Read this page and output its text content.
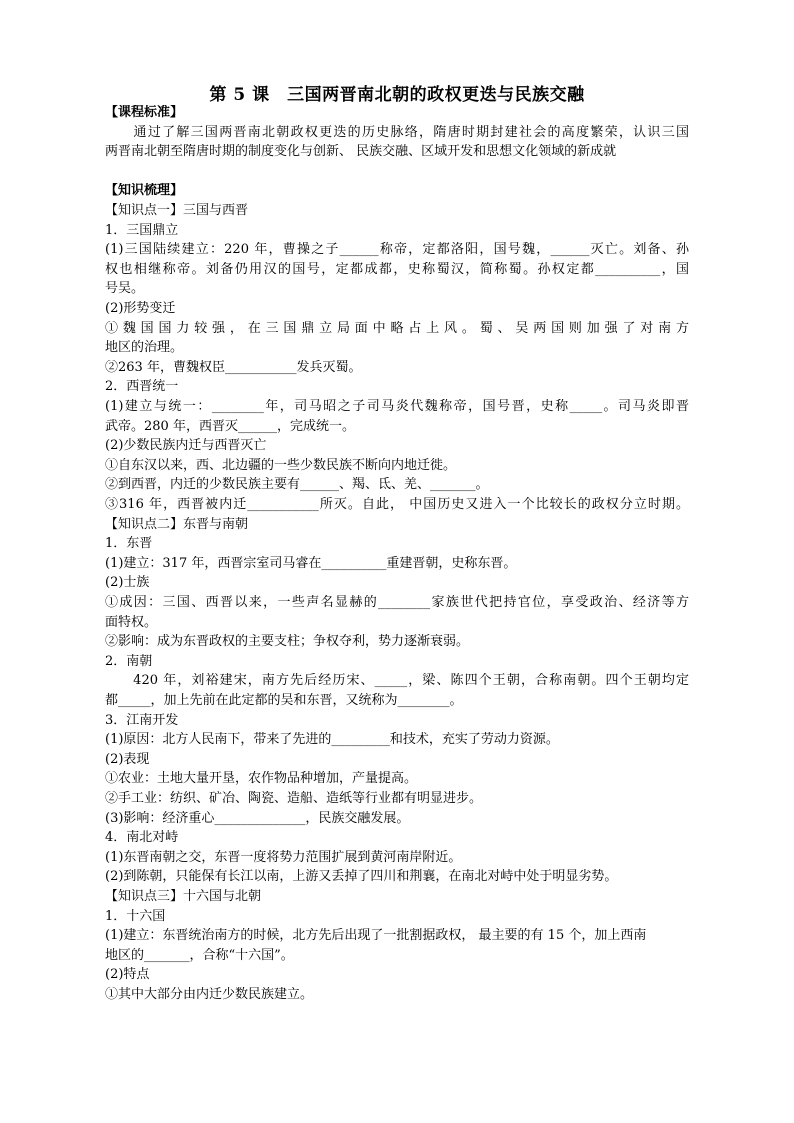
第 5 课　三国两晋南北朝的政权更迭与民族交融
【课程标准】
　　通过了解三国两晋南北朝政权更迭的历史脉络，隋唐时期封建社会的高度繁荣，认识三国
两晋南北朝至隋唐时期的制度变化与创新、 民族交融、区域开发和思想文化领域的新成就
【知识梳理】
【知识点一】三国与西晋
1．三国鼎立
(1)三国陆续建立：220 年，曹操之子______称帝，定都洛阳，国号魏，______灭亡。刘备、孙
权也相继称帝。刘备仍用汉的国号，定都成都，史称蜀汉，简称蜀。孙权定都__________，国
号吴。
(2)形势变迁
①魏国国力较强，在三国鼎立局面中略占上风。蜀、吴两国则加强了对南方
地区的治理。
②263 年，曹魏权臣___________发兵灭蜀。
2．西晋统一
(1)建立与统一：________年，司马昭之子司马炎代魏称帝，国号晋，史称_____。司马炎即晋
武帝。280 年，西晋灭______，完成统一。
(2)少数民族内迁与西晋灭亡
①自东汉以来，西、北边疆的一些少数民族不断向内地迁徙。
②到西晋，内迁的少数民族主要有______、羯、氐、羌、_______。
③316 年，西晋被内迁___________所灭。自此， 中国历史又进入一个比较长的政权分立时期。
【知识点二】东晋与南朝
1．东晋
(1)建立：317 年，西晋宗室司马睿在__________重建晋朝，史称东晋。
(2)士族
①成因：三国、西晋以来，一些声名显赫的________家族世代把持官位，享受政治、经济等方
面特权。
②影响：成为东晋政权的主要支柱；争权夺利，势力逐渐衰弱。
2．南朝
　　420 年，刘裕建宋，南方先后经历宋、_____，梁、陈四个王朝，合称南朝。四个王朝均定
都_____，加上先前在此定都的吴和东晋，又统称为________。
3．江南开发
(1)原因：北方人民南下，带来了先进的_________和技术，充实了劳动力资源。
(2)表现
①农业：土地大量开垦，农作物品种增加，产量提高。
②手工业：纺织、矿冶、陶瓷、造船、造纸等行业都有明显进步。
(3)影响：经济重心______________，民族交融发展。
4．南北对峙
(1)东晋南朝之交，东晋一度将势力范围扩展到黄河南岸附近。
(2)到陈朝，只能保有长江以南，上游又丢掉了四川和荆襄，在南北对峙中处于明显劣势。
【知识点三】十六国与北朝
1．十六国
(1)建立：东晋统治南方的时候，北方先后出现了一批割据政权， 最主要的有 15 个，加上西南
地区的_______，合称“十六国”。
(2)特点
①其中大部分由内迁少数民族建立。
